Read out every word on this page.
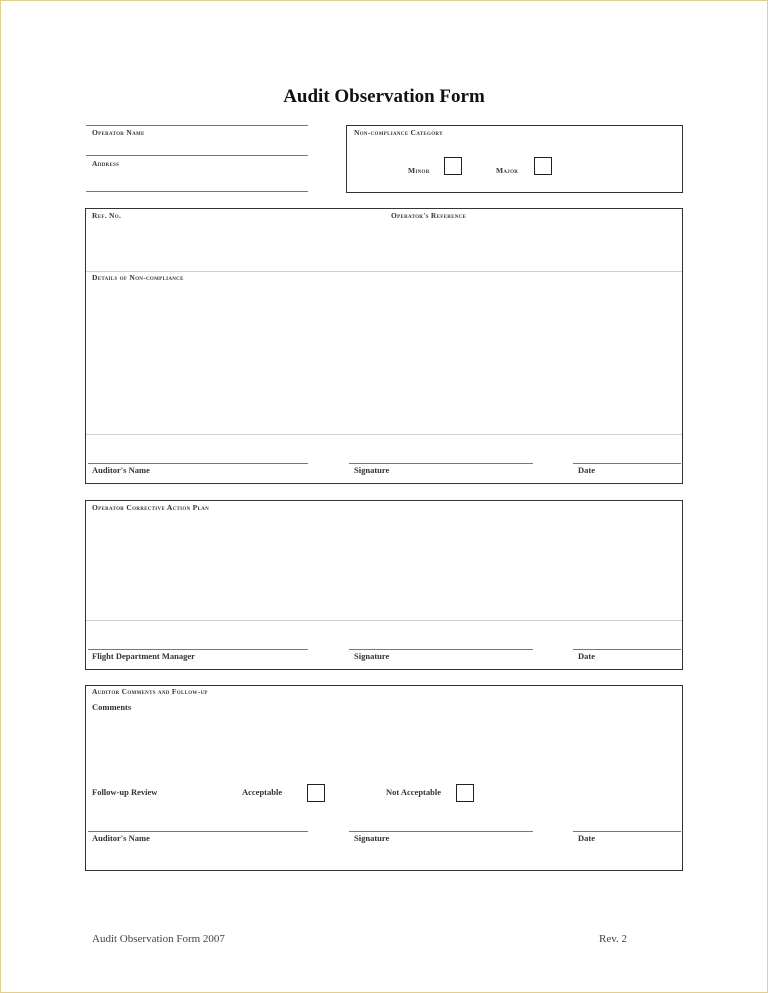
Audit Observation Form
Operator Name
Address
Non-compliance Category
Minor	Major
Ref. No.	Operator's Reference
Details of Non-compliance
Auditor's Name	Signature	Date
Operator Corrective Action Plan
Flight Department Manager	Signature	Date
Auditor Comments and Follow-up
Comments
Follow-up Review	Acceptable	Not Acceptable
Auditor's Name	Signature	Date
Audit Observation Form 2007	Rev. 2
